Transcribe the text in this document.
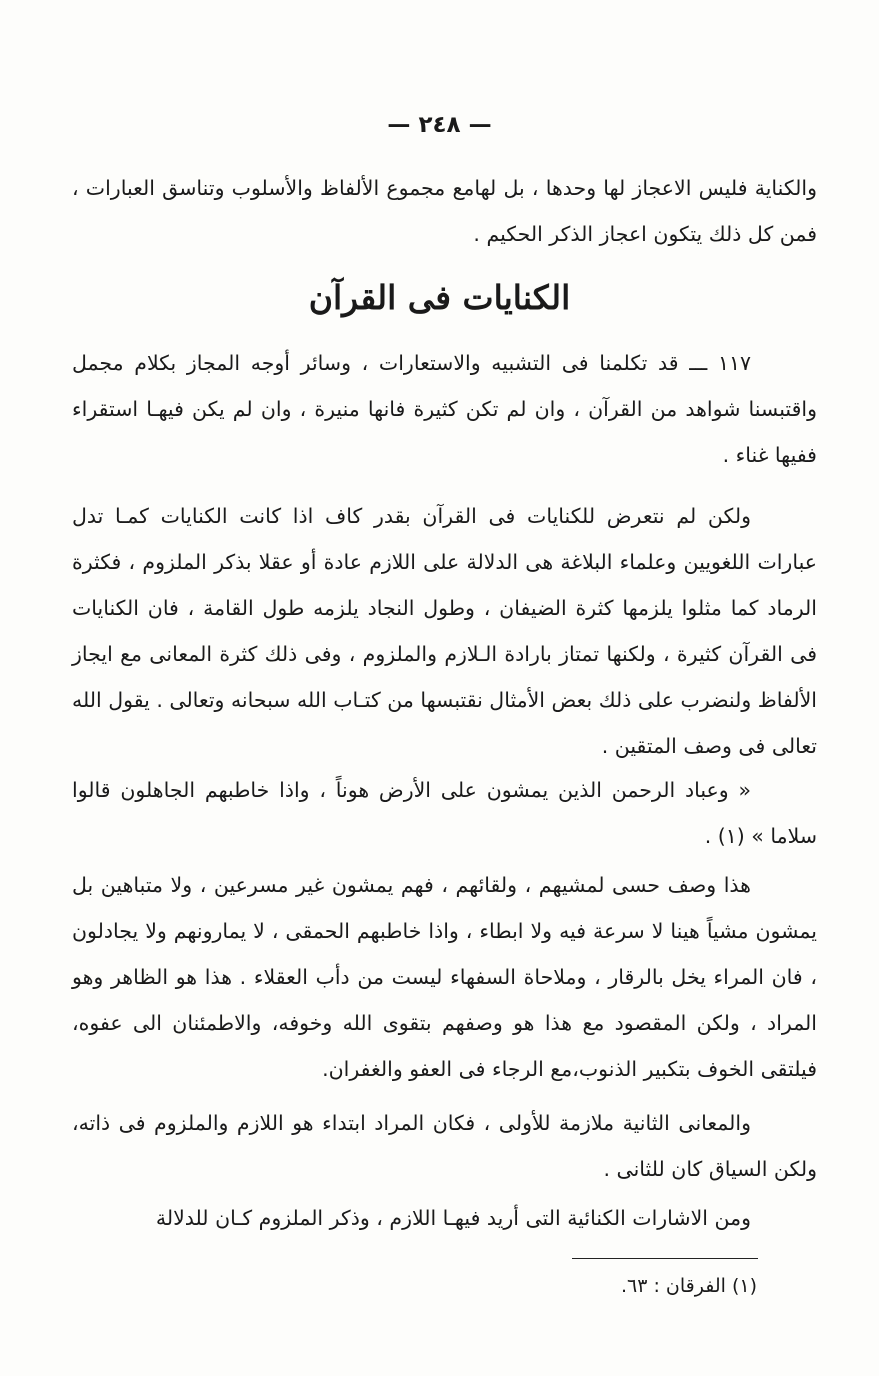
— ٢٤٨ —

والكناية فليس الاعجاز لها وحدها ، بل لهامع مجموع الألفاظ والأسلوب وتناسق العبارات ، فمن كل ذلك يتكون اعجاز الذكر الحكيم .

الكنايات فى القرآن

١١٧ ـــ قد تكلمنا فى التشبيه والاستعارات ، وسائر أوجه المجاز بكلام مجمل واقتبسنا شواهد من القرآن ، وان لم تكن كثيرة فانها منيرة ، وان لم يكن فيهـا استقراء ففيها غناء .

ولكن لم نتعرض للكنايات فى القرآن بقدر كاف اذا كانت الكنايات كمـا تدل عبارات اللغويين وعلماء البلاغة هى الدلالة على اللازم عادة أو عقلا بذكر الملزوم ، فكثرة الرماد كما مثلوا يلزمها كثرة الضيفان ، وطول النجاد يلزمه طول القامة ، فان الكنايات فى القرآن كثيرة ، ولكنها تمتاز بارادة الـلازم والملزوم ، وفى ذلك كثرة المعانى مع ايجاز الألفاظ ولنضرب على ذلك بعض الأمثال نقتبسها من كتـاب الله سبحانه وتعالى . يقول الله تعالى فى وصف المتقين .

« وعباد الرحمن الذين يمشون على الأرض هوناً ، واذا خاطبهم الجاهلون قالوا سلاما » (١) .

هذا وصف حسى لمشيهم ، ولقائهم ، فهم يمشون غير مسرعين ، ولا متباهين بل يمشون مشياً هينا لا سرعة فيه ولا ابطاء ، واذا خاطبهم الحمقى ، لا يمارونهم ولا يجادلون ، فان المراء يخل بالرقار ، وملاحاة السفهاء ليست من دأب العقلاء . هذا هو الظاهر وهو المراد ، ولكن المقصود مع هذا هو وصفهم بتقوى الله وخوفه، والاطمئنان الى عفوه، فيلتقى الخوف بتكبير الذنوب،مع الرجاء فى العفو والغفران.

والمعانى الثانية ملازمة للأولى ، فكان المراد ابتداء هو اللازم والملزوم فى ذاته، ولكن السياق كان للثانى .

ومن الاشارات الكنائية التى أريد فيهـا اللازم ، وذكر الملزوم كـان للدلالة

(١) الفرقان : ٦٣.
